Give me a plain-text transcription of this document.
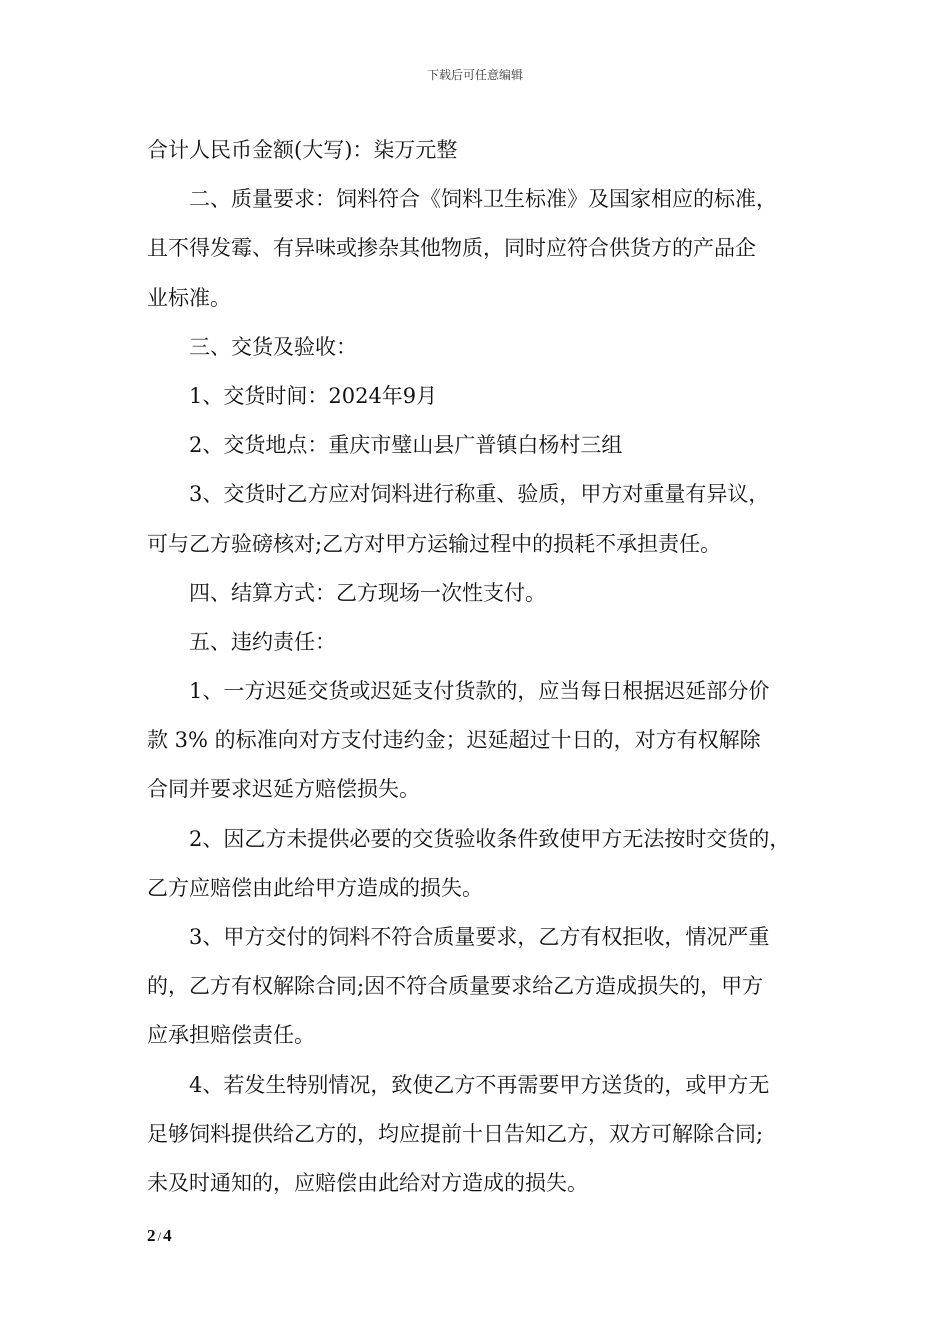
下载后可任意编辑
合计人民币金额(大写)：柒万元整
二、质量要求：饲料符合《饲料卫生标准》及国家相应的标准，
且不得发霉、有异味或掺杂其他物质，同时应符合供货方的产品企
业标准。
三、交货及验收：
1、交货时间：2024年9月
2、交货地点：重庆市璧山县广普镇白杨村三组
3、交货时乙方应对饲料进行称重、验质，甲方对重量有异议，
可与乙方验磅核对;乙方对甲方运输过程中的损耗不承担责任。
四、结算方式：乙方现场一次性支付。
五、违约责任：
1、一方迟延交货或迟延支付货款的，应当每日根据迟延部分价
款 3% 的标准向对方支付违约金；迟延超过十日的，对方有权解除
合同并要求迟延方赔偿损失。
2、因乙方未提供必要的交货验收条件致使甲方无法按时交货的，
乙方应赔偿由此给甲方造成的损失。
3、甲方交付的饲料不符合质量要求，乙方有权拒收，情况严重
的，乙方有权解除合同;因不符合质量要求给乙方造成损失的，甲方
应承担赔偿责任。
4、若发生特别情况，致使乙方不再需要甲方送货的，或甲方无
足够饲料提供给乙方的，均应提前十日告知乙方，双方可解除合同;
未及时通知的，应赔偿由此给对方造成的损失。
2 / 4
